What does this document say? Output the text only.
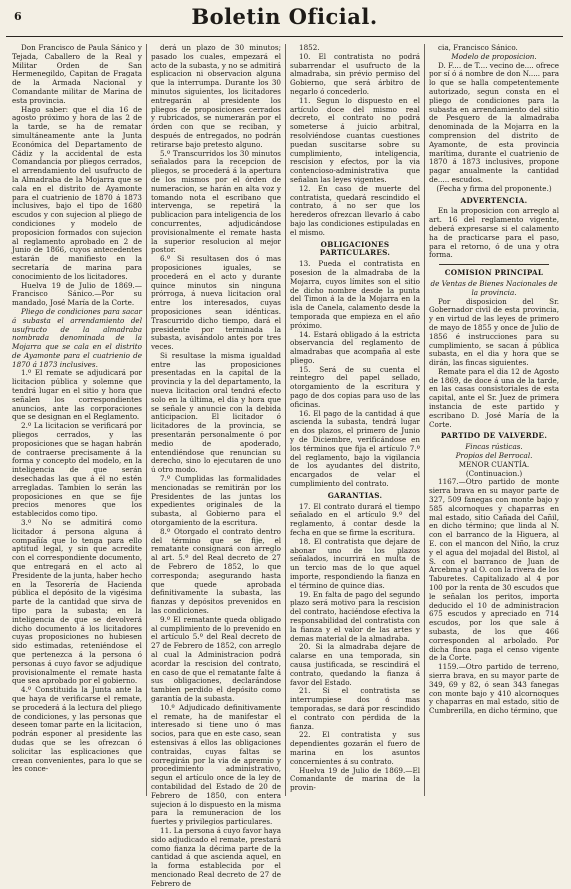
6	Boletin Oficial.

Don Francisco de Paula Sánico y Tejada, Caballero de la Real y Militar Orden de San Hermenegildo, Capitan de Fragata de la Armada Nacional y Comandante militar de Marina de esta provincia.

Hago saber: que el dia 16 de agosto próximo y hora de las 2 de la tarde, se ha de rematar simultáneamente ante la Junta Económica del Departamento de Cádiz y la accidental de esta Comandancia por pliegos cerrados, el arrendamiento del usufructo de la Almadraba de la Mojarra que se cala en el distrito de Ayamonte para el cuatrienio de 1870 á 1873 inclusives, bajo el tipo de 1680 escudos y con sujecion al pliego de condiciones y modelo de proposicion formados con sujecion al reglamento aprobado en 2 de Junio de 1866, cuyos antecedentes estarán de manifiesto en la secretaría de marina para conocimiento de los licitadores.

Huelva 19 de Julio de 1869.— Francisco Sánico.—Por su mandado, José María de la Corte.

Pliego de condiciones para sacar á subasta el arrendamiento del usufructo de la almadraba nombrada denominada de la Mojarra que se cala en el distrito de Ayamonte para el cuatrienio de 1870 á 1873 inclusives.

1.º El remate se adjudicará por licitacion pública y solemne que tendrá lugar en el sitio y hora que señalen los correspondientes anuncios, ante las corporaciones que se designan en el Reglamento.

2.º La licitacion se verificará por pliegos cerrados, y las proposiciones que se hagan habrán de contraerse precisamente á la forma y concepto del modelo, en la inteligencia de que serán desechadas las que á él no estén arregladas. Tambien lo serán las proposiciones en que se fije precios menores que los establecidos como tipo.

3.º No se admitirá como licitador á persona alguna á compañía que lo tenga para ello aptitud legal, y sin que acredite con el correspondiente documento, que entregará en el acto al Presidente de la junta, haber hecho en la Tesorería de Hacienda pública el depósito de la vigésima parte de la cantidad que sirva de tipo para la subasta; en la inteligencia de que se devolverá dicho documento á los licitadores cuyas proposiciones no hubiesen sido estimadas, reteniéndose el que pertenezca á la persona ó personas á cuyo favor se adjudique provisionalmente el remate hasta que sea aprobado por el gobierno.

4.º Constituida la Junta ante la que haya de verificarse el remate, se procederá á la lectura del pliego de condiciones, y las personas que deseen tomar parte en la licitacion, podrán esponer al presidente las dudas que se les ofrezcan ó solicitar las esplicaciones que crean convenientes, para lo que se les conce-

derá un plazo de 30 minutos; pasado los cuales, empezará el acto de la subasta, y no se admitirá esplicacion ni observacion alguna que la interrumpa. Durante los 30 minutos siguientes, los licitadores entregarán al presidente los pliegos de proposiciones cerrados y rubricados, se numerarán por el órden con que se reciban, y después de entregados, no podrán retirarse bajo pretesto alguno.

5.º Transcurridos los 30 minutos señalados para la recepcion de pliegos, se procederá á la apertura de los mismos por el órden de numeracion, se harán en alta voz y tomando nota el escribano que intervenga, se repetirá la publicacion para inteligencia de los concurrentes, adjudicándose provisionalmente el remate hasta la superior resolucion al mejor postor.

6.º Si resultasen dos ó mas proposiciones iguales, se procederá en el acto y durante quince minutos sin ninguna prórroga, á nueva licitacion oral entre los interesados, cuyas proposiciones sean idénticas. Trascurrido dicho tiempo, dará el presidente por terminada la subasta, avisándolo antes por tres veces.

Si resultase la misma igualdad entre las proposiciones presentadas en la capital de la provincia y la del departamento, la nueva licitacion oral tendrá efecto solo en la última, el dia y hora que se señale y anuncie con la debida anticipacion. El licitador ó licitadores de la provincia, se presentarán personalmente ó por medio de apoderado, entendiéndose que renuncian su derecho, sino lo ejecutaren de uno ú otro modo.

7.º Cumplidas las formalidades mencionadas se remitirán por los Presidentes de las juntas los expedientes originales de la subasta, al Gobierno para el otorgamiento de la escritura.

8.º Otorgado el contrato dentro del término que se fije, el rematante consignará con arreglo al art. 5.º del Real decreto de 27 de Febrero de 1852, lo que corresponda; asegurando hasta que quede aprobada definitivamente la subasta, las fianzas y depósitos prevenidos en las condiciones.

9.º El rematante queda obligado al cumplimiento de lo prevenido en el artículo 5.º del Real decreto de 27 de Febrero de 1852, con arreglo al cual la Administracion podrá acordar la rescision del contrato, en caso de que el rematante falte á sus obligaciones, declarándose tambien perdido el depósito como garantía de la subasta.

10.º Adjudicado definitivamente el remate, ha de manifestar el interesado si tiene uno ó mas socios, para que en este caso, sean estensivas á ellos las obligaciones contraidas, cuyas faltas se corregirán por la via de apremio y procedimiento administrativo, segun el artículo once de la ley de contabilidad del Estado de 20 de Febrero de 1850, con entera sujecion á lo dispuesto en la misma para la remuneracion de los fuertes y privilegios particulares.

11. La persona á cuyo favor haya sido adjudicado el remate, prestará como fianza la décima parte de la cantidad á que ascienda aquel, en la forma establecida por el mencionado Real decreto de 27 de Febrero de

1852.

10. El contratista no podrá subarrendar el usufructo de la almadraba, sin prévio permiso del Gobierno, que será árbitro de negarlo ó concederlo.

11. Segun lo dispuesto en el artículo doce del mismo real decreto, el contrato no podrá someterse á juicio arbitral, resolviéndose cuantas cuestiones puedan suscitarse sobre su cumplimiento, inteligencia, rescision y efectos, por la via contencioso-administrativa que señalan las leyes vigentes.

12. En caso de muerte del contratista, quedará rescindido el contrato, á no ser que los herederos ofrezcan llevarlo á cabo bajo las condiciones estipuladas en el mismo.

OBLIGACIONES PARTICULARES.

13. Pueda el contratista en posesion de la almadraba de la Mojarra, cuyos límites son el sitio de dicho nombre desde la punta del Timon á la de la Mojarra en la isla de Canela, calamento desde la temporada que empieza en el año próximo.

14. Estará obligado á la estricta observancia del reglamento de almadrabas que acompaña al este pliego.

15. Será de su cuenta el reintegro del papel sellado, otorgamiento de la escritura y pago de dos copias para uso de las oficinas.

16. El pago de la cantidad á que ascienda la subasta, tendrá lugar en dos plazos, el primero de Junio y de Diciembre, verificándose en los términos que fija el artículo 7.º del reglamento, bajo la vigilancia de los ayudantes del distrito, encargados de velar el cumplimiento del contrato.

GARANTIAS.

17. El contrato durará el tiempo señalado en el artículo 9.º del reglamento, á contar desde la fecha en que se firme la escritura.

18. El contratista que dejare de abonar uno de los plazos señalados, incurrirá en multa de un tercio mas de lo que aquel importe, respondiendo la fianza en el término de quince dias.

19. En falta de pago del segundo plazo será motivo para la rescision del contrato, haciéndose efectiva la responsabilidad del contratista con la fianza y el valor de las artes y demas material de la almadraba.

20. Si la almadraba dejare de calarse en una temporada, sin causa justificada, se rescindirá el contrato, quedando la fianza á favor del Estado.

21. Si el contratista se interrumpiese dos ó mas temporadas, se dará por rescindido el contrato con pérdida de la fianza.

22. El contratista y sus dependientes gozarán el fuero de marina en los asuntos concernientes á su contrato.

Huelva 19 de Julio de 1869.—El Comandante de marina de la provin-

cia, Francisco Sánico.

Modelo de proposicion.

D. F.... de T.... vecino de.... ofrece por sí ó á nombre de don N..... para lo que se halla competentemente autorizado, segun consta en el pliego de condiciones para la subasta en arrendamiento del sitio de Pesquero de la almadraba denominada de la Mojarra en la comprension del distrito de Ayamonte, de esta provincia marítima, durante el cuatrienio de 1870 á 1873 inclusives, propone pagar anualmente la cantidad de..... escudos.

(Fecha y firma del proponente.)

ADVERTENCIA.

En la proposicion con arreglo al art. 16 del reglamento vigente, deberá expresarse si el calamento ha de practicarse para el paso, para el retorno, ó de una y otra forma.

COMISION PRINCIPAL

de Ventas de Bienes Nacionales de la provincia.

Por disposicion del Sr. Gobernador civil de esta provincia, y en virtud de las leyes de primero de mayo de 1855 y once de Julio de 1856 é instrucciones para su cumplimiento, se sacan á pública subasta, en el dia y hora que se dirán, las fincas siguientes.

Remate para el dia 12 de Agosto de 1869, de doce á una de la tarde, en las casas consistoriales de esta capital, ante el Sr. Juez de primera instancia de este partido y escribano D. José María de la Corte.

PARTIDO DE VALVERDE.

Fincas rústicas.

Propios del Berrocal.

MENOR CUANTÍA.

(Continuacion.)

1167.—Otro partido de monte sierra brava en su mayor parte de 327, 509 fanegas con monte bajo y 585 alcornoques y chaparras en mal estado, sitio Cañada del Cañil, en dicho término; que linda al N. con el barranco de la Higuera, al E. con el mancon del Niño, la cruz y el agua del mojadal del Bistol, al S. con el barranco de Juan de Arcebma y al O. con la rivera de los Taburetes. Capitalizado al 4 por 100 por la renta de 30 escudos que le señalan los peritos, importa deducido el 10 de administracion 675 escudos y apreciado en 714 escudos, por los que sale á subasta, de los que 466 corresponden al arbolado. Por dicha finca paga el censo vigente de la Corte.

1159.—Otro partido de terreno, sierra brava, en su mayor parte de 349, 69 y 82, ó sean 343 fanegas con monte bajo y 410 alcornoques y chaparras en mal estado, sitio de Cumbrerilla, en dicho término, que
